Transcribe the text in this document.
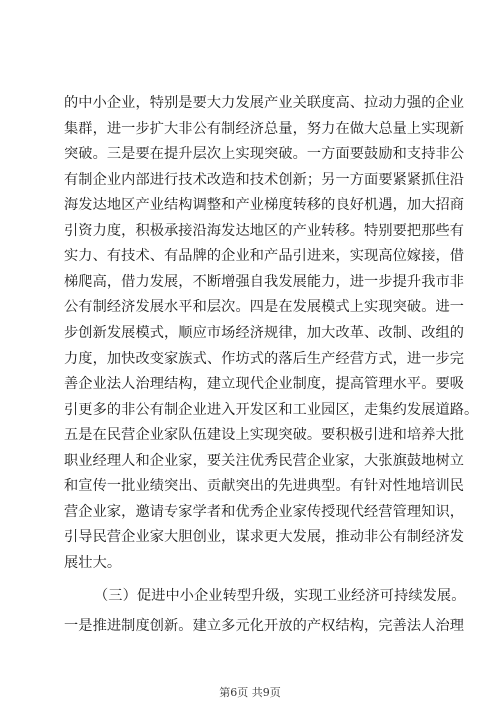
的中小企业，特别是要大力发展产业关联度高、拉动力强的企业
集群，进一步扩大非公有制经济总量，努力在做大总量上实现新
突破。三是要在提升层次上实现突破。一方面要鼓励和支持非公
有制企业内部进行技术改造和技术创新；另一方面要紧紧抓住沿
海发达地区产业结构调整和产业梯度转移的良好机遇，加大招商
引资力度，积极承接沿海发达地区的产业转移。特别要把那些有
实力、有技术、有品牌的企业和产品引进来，实现高位嫁接，借
梯爬高，借力发展，不断增强自我发展能力，进一步提升我市非
公有制经济发展水平和层次。四是在发展模式上实现突破。进一
步创新发展模式，顺应市场经济规律，加大改革、改制、改组的
力度，加快改变家族式、作坊式的落后生产经营方式，进一步完
善企业法人治理结构，建立现代企业制度，提高管理水平。要吸
引更多的非公有制企业进入开发区和工业园区，走集约发展道路。
五是在民营企业家队伍建设上实现突破。要积极引进和培养大批
职业经理人和企业家，要关注优秀民营企业家，大张旗鼓地树立
和宣传一批业绩突出、贡献突出的先进典型。有针对性地培训民
营企业家，邀请专家学者和优秀企业家传授现代经营管理知识，
引导民营企业家大胆创业，谋求更大发展，推动非公有制经济发
展壮大。
（三）促进中小企业转型升级，实现工业经济可持续发展。
一是推进制度创新。建立多元化开放的产权结构，完善法人治理
第6页 共9页
